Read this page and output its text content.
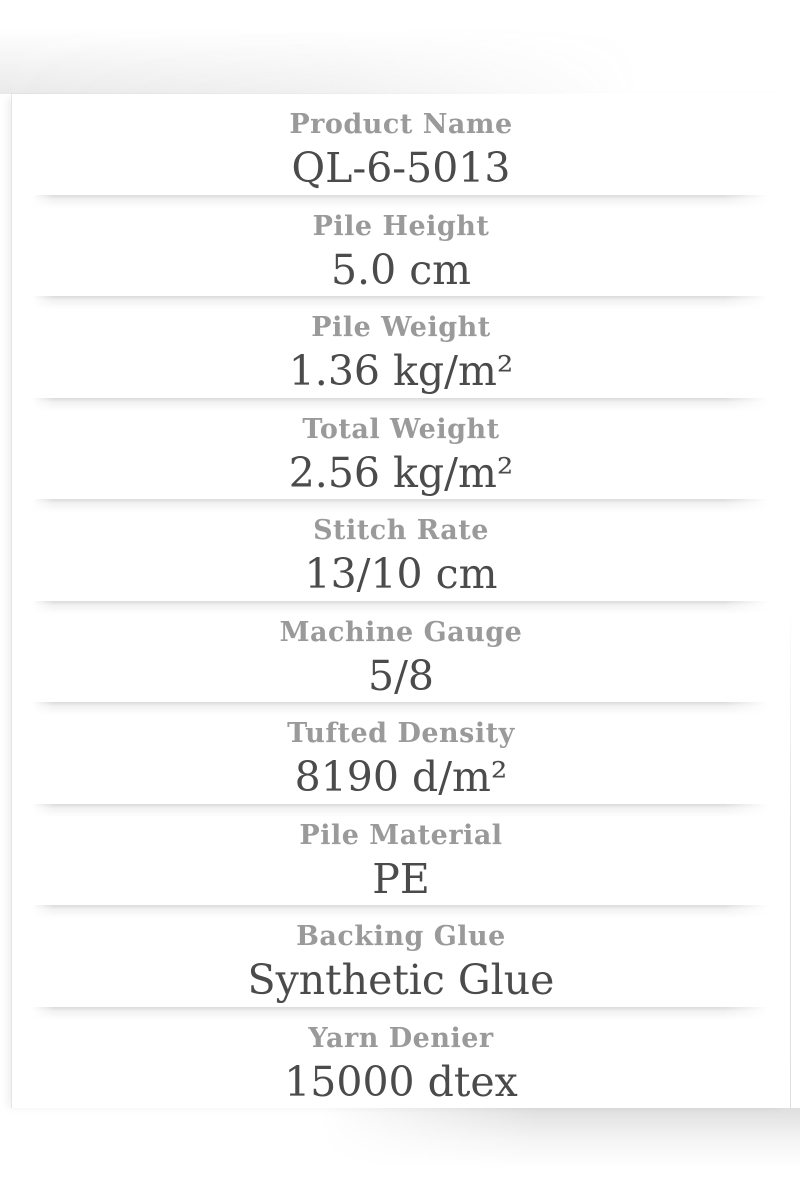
Product Name
QL-6-5013
Pile Height
5.0 cm
Pile Weight
1.36 kg/m²
Total Weight
2.56 kg/m²
Stitch Rate
13/10 cm
Machine Gauge
5/8
Tufted Density
8190 d/m²
Pile Material
PE
Backing Glue
Synthetic Glue
Yarn Denier
15000 dtex
